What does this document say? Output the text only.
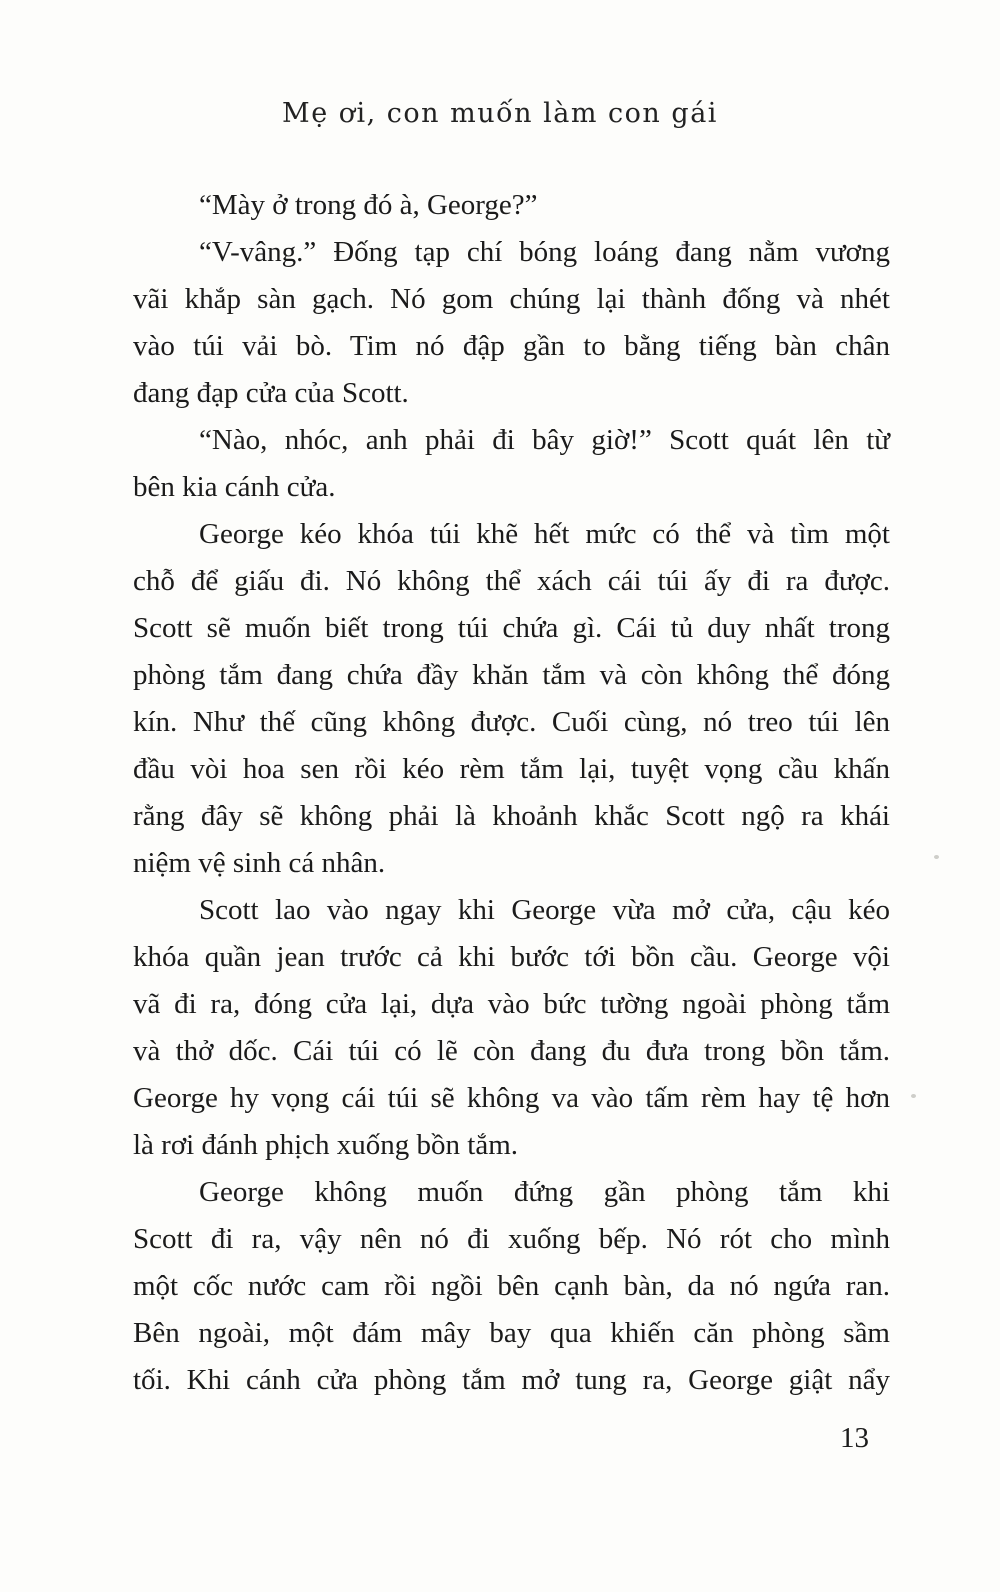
Mẹ ơi, con muốn làm con gái
“Mày ở trong đó à, George?”
“V-vâng.” Đống tạp chí bóng loáng đang nằm vương
vãi khắp sàn gạch. Nó gom chúng lại thành đống và nhét
vào túi vải bò. Tim nó đập gần to bằng tiếng bàn chân
đang đạp cửa của Scott.
“Nào, nhóc, anh phải đi bây giờ!” Scott quát lên từ
bên kia cánh cửa.
George kéo khóa túi khẽ hết mức có thể và tìm một
chỗ để giấu đi. Nó không thể xách cái túi ấy đi ra được.
Scott sẽ muốn biết trong túi chứa gì. Cái tủ duy nhất trong
phòng tắm đang chứa đầy khăn tắm và còn không thể đóng
kín. Như thế cũng không được. Cuối cùng, nó treo túi lên
đầu vòi hoa sen rồi kéo rèm tắm lại, tuyệt vọng cầu khấn
rằng đây sẽ không phải là khoảnh khắc Scott ngộ ra khái
niệm vệ sinh cá nhân.
Scott lao vào ngay khi George vừa mở cửa, cậu kéo
khóa quần jean trước cả khi bước tới bồn cầu. George vội
vã đi ra, đóng cửa lại, dựa vào bức tường ngoài phòng tắm
và thở dốc. Cái túi có lẽ còn đang đu đưa trong bồn tắm.
George hy vọng cái túi sẽ không va vào tấm rèm hay tệ hơn
là rơi đánh phịch xuống bồn tắm.
George không muốn đứng gần phòng tắm khi
Scott đi ra, vậy nên nó đi xuống bếp. Nó rót cho mình
một cốc nước cam rồi ngồi bên cạnh bàn, da nó ngứa ran.
Bên ngoài, một đám mây bay qua khiến căn phòng sầm
tối. Khi cánh cửa phòng tắm mở tung ra, George giật nẩy
13
